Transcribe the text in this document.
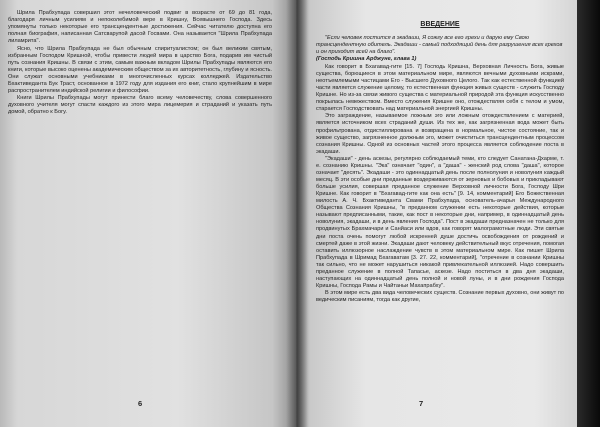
Шрила Прабхупада совершил этот нечеловеческий подвиг в возрасте от 69 до 81 года, благодаря личным усилиям и непоколебимой вере в Кришну, Всевышнего Господа. Здесь упомянуты только некоторые его трансцендентные достижения. Сейчас читателю доступна его полная биография, написанная Сатсварупой дасой Госвами. Она называется "Шрила Прабхупада лиламрита".

Ясно, что Шрила Прабхупада не был обычным спиритуалистом; он был великим святым, избранным Господом Кришной, чтобы привести людей мира в царство Бога, подарив им чистый путь сознания Кришны. В связи с этим, самым важным вкладом Шрилы Прабхупады являются его книги, которые высоко оценены академическим обществом за их авторитетность, глубину и ясность. Они служат основными учебниками в многочисленных курсах колледжей. Издательство Бхактиведанта Бук Траст, основанное в 1972 году для издания его книг, стало крупнейшим в мире распространителем индийской религии и философии.

Книги Шрилы Прабхупады могут принести благо всему человечеству, слова совершенного духовного учителя могут спасти каждого из этого мира лицемерия и страданий и указать путь домой, обратно к Богу.

6
ВВЕДЕНИЕ

"Если человек постится в экадаши, Я сожгу все его грехи и дарую ему Свою трансцендентную обитель. Экадаши - самый подходящий день для разрушения всех грехов и он приходит всей на благо".

(Господь Кришна Арджуне, глава 1)

Как говорит в Бхагавад-гите [15. 7] Господь Кришна, Верховная Личность Бога, живые существа, борющиеся в этом материальном мире, являются вечными духовными искрами, неотъемлемыми частицами Его - Высшего Духовного Целого. Так как естественной функцией части является служение целому, то естественная функция живых существ - служить Господу Кришне. Но из-за связи живого существа с материальной природой эта функция искусственно покрылась невежеством. Вместо служения Кришне оно, отождествляя себя с телом и умом, старается Господствовать над материальной энергией Кришны.

Это заграждение, называемое ложным эго или ложным отождествлением с материей, является источником всех страданий души. Из тех же, как загрязненная вода может быть профильтрована, отдистиллирована и возвращена в нормальное, чистое состояние, так и живое существо, загрязненное должным эго, может очиститься трансцендентным процессом сознания Кришны. Одной из основных частей этого процесса является соблюдение поста в экадаши.

"Экадаши" - день аскезы, регулярно соблюдаемый теми, кто следует Санатана-Дхарме, т. е. сознанию Кришны. "Эка" означает "один", а "даша" - женский род слова "даша", которое означает "десять". Экадаши - это одиннадцатый день после полнолуния и новолуния каждый месяц. В эти особые дни преданные воздерживаются от зерновых и бобовых и прикладывают больше усилия, совершая преданное служение Верховной личности Бога, Господу Шри Кришне. Как говорит в "Бхагавад-гите как она есть" [9. 14, комментарий] Его Божественная милость А. Ч. Бхактиведанта Свами Прабхупада, основатель-ачарья Международного Общества Сознания Кришны, "в преданном служении есть некоторые действия, которые называют предписанными, такие, как пост в некоторые дни, например, в одиннадцатый день новолуния, экадаши, и в день явления Господа". Пост в экадаши предназначен не только для продвинутых Брахмачари и Санйаси или вдов, как говорят малограмотные люди. Эти святые дни поста очень помогут любой искренней душе достичь освобождения от рождений и смертей даже в этой жизни. Экадаши дают человеку действительный вкус отречения, помогая оставить иллюзорное наслаждение чувств в этом материальном мире. Как пишет Шрила Прабхупада в Шримад Бхагаватам [3. 27. 22, комментарий], "отречение в сознании Кришны так сильно, что не может нарушиться никакой привлекательной иллюзией. Надо совершить преданное служение в полной Тапасье, аскезе. Надо поститься в два дня экадаши, наступающих на одиннадцатый день полной и новой луны, и в дни рождения Господа Кришны, Господа Рамы и Чайтаньи Махапрабху".

В этом мире есть два вида человеческих существ. Сознание первых духовно, они живут по ведическим писаниям, тогда как другие,

7
